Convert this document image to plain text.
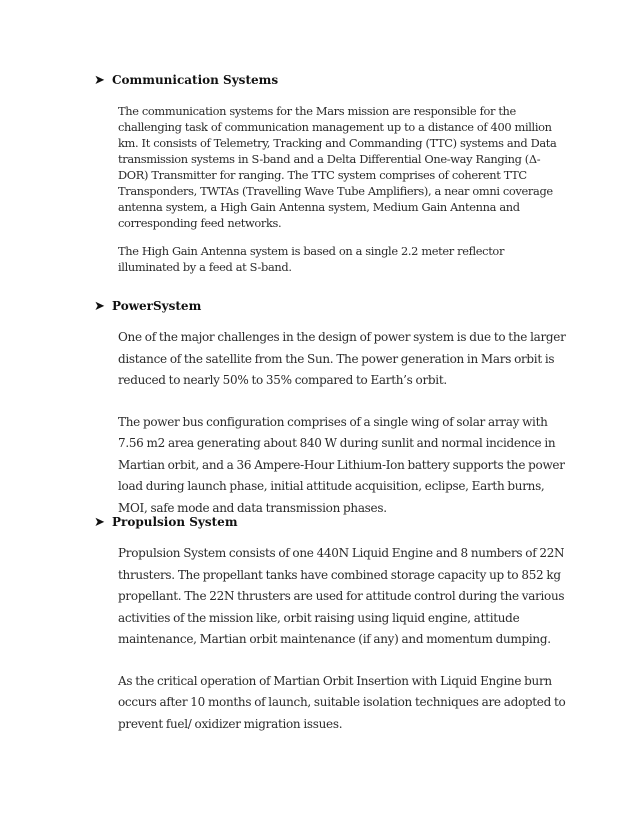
➤ Communication Systems
The communication systems for the Mars mission are responsible for the challenging task of communication management up to a distance of 400 million km. It consists of Telemetry, Tracking and Commanding (TTC) systems and Data transmission systems in S-band and a Delta Differential One-way Ranging (Δ-DOR) Transmitter for ranging. The TTC system comprises of coherent TTC Transponders, TWTAs (Travelling Wave Tube Amplifiers), a near omni coverage antenna system, a High Gain Antenna system, Medium Gain Antenna and corresponding feed networks.
The High Gain Antenna system is based on a single 2.2 meter reflector illuminated by a feed at S-band.
➤ PowerSystem
One of the major challenges in the design of power system is due to the larger distance of the satellite from the Sun. The power generation in Mars orbit is reduced to nearly 50% to 35% compared to Earth’s orbit.
The power bus configuration comprises of a single wing of solar array with 7.56 m2 area generating about 840 W during sunlit and normal incidence in Martian orbit, and a 36 Ampere-Hour Lithium-Ion battery supports the power load during launch phase, initial attitude acquisition, eclipse, Earth burns, MOI, safe mode and data transmission phases.
➤ Propulsion System
Propulsion System consists of one 440N Liquid Engine and 8 numbers of 22N thrusters. The propellant tanks have combined storage capacity up to 852 kg propellant. The 22N thrusters are used for attitude control during the various activities of the mission like, orbit raising using liquid engine, attitude maintenance, Martian orbit maintenance (if any) and momentum dumping.
As the critical operation of Martian Orbit Insertion with Liquid Engine burn occurs after 10 months of launch, suitable isolation techniques are adopted to prevent fuel/ oxidizer migration issues.
